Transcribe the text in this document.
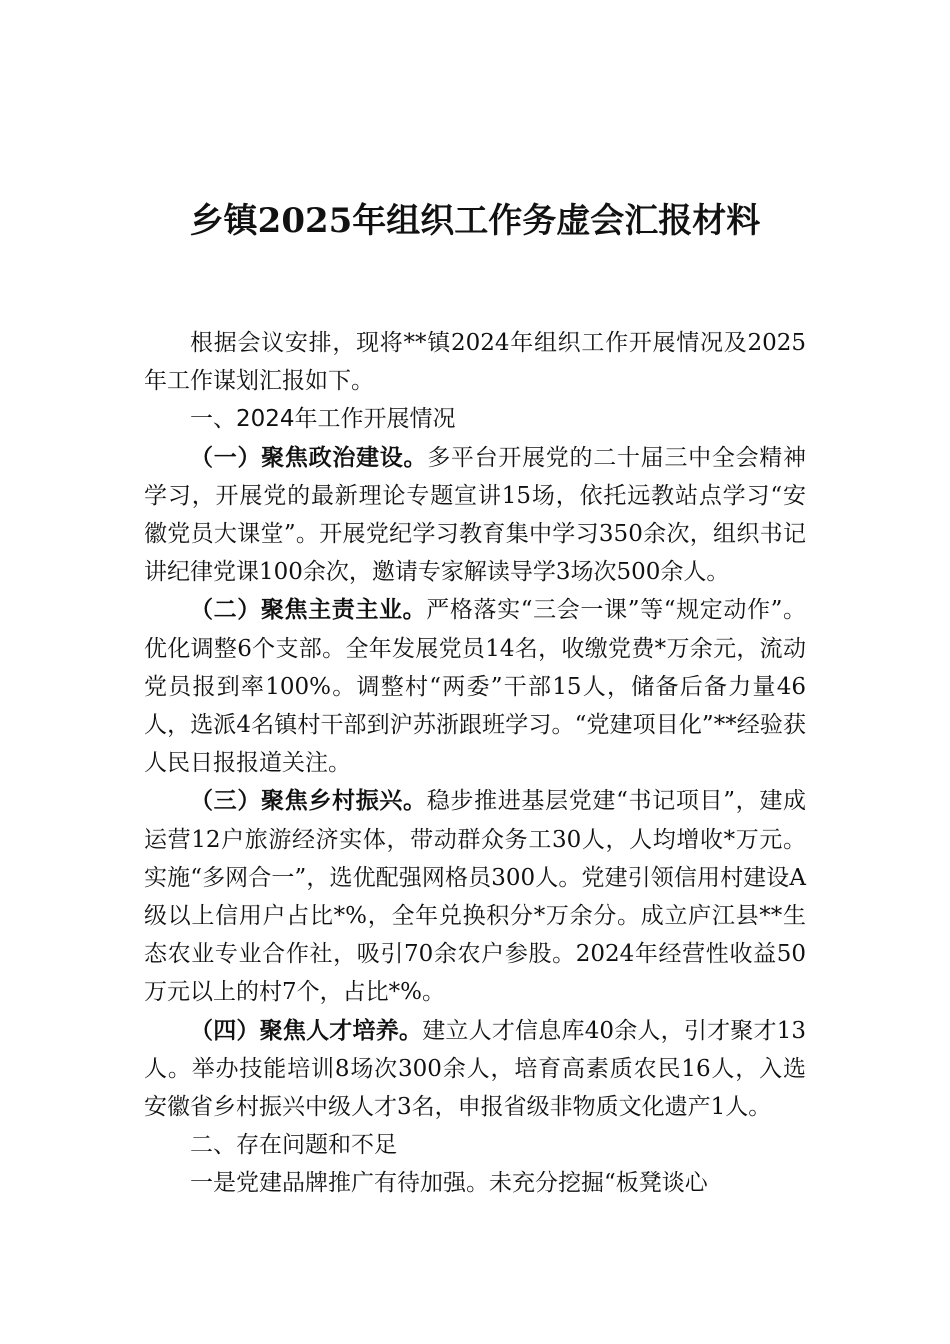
乡镇2025年组织工作务虚会汇报材料

根据会议安排，现将**镇2024年组织工作开展情况及2025年工作谋划汇报如下。

一、2024年工作开展情况

（一）聚焦政治建设。多平台开展党的二十届三中全会精神学习，开展党的最新理论专题宣讲15场，依托远教站点学习“安徽党员大课堂”。开展党纪学习教育集中学习350余次，组织书记讲纪律党课100余次，邀请专家解读导学3场次500余人。

（二）聚焦主责主业。严格落实“三会一课”等“规定动作”。优化调整6个支部。全年发展党员14名，收缴党费*万余元，流动党员报到率100%。调整村“两委”干部15人，储备后备力量46人，选派4名镇村干部到沪苏浙跟班学习。“党建项目化”**经验获人民日报报道关注。

（三）聚焦乡村振兴。稳步推进基层党建“书记项目”，建成运营12户旅游经济实体，带动群众务工30人，人均增收*万元。实施“多网合一”，选优配强网格员300人。党建引领信用村建设A级以上信用户占比*%，全年兑换积分*万余分。成立庐江县**生态农业专业合作社，吸引70余农户参股。2024年经营性收益50万元以上的村7个，占比*%。

（四）聚焦人才培养。建立人才信息库40余人，引才聚才13人。举办技能培训8场次300余人，培育高素质农民16人，入选安徽省乡村振兴中级人才3名，申报省级非物质文化遗产1人。

二、存在问题和不足

一是党建品牌推广有待加强。未充分挖掘“板凳谈心
